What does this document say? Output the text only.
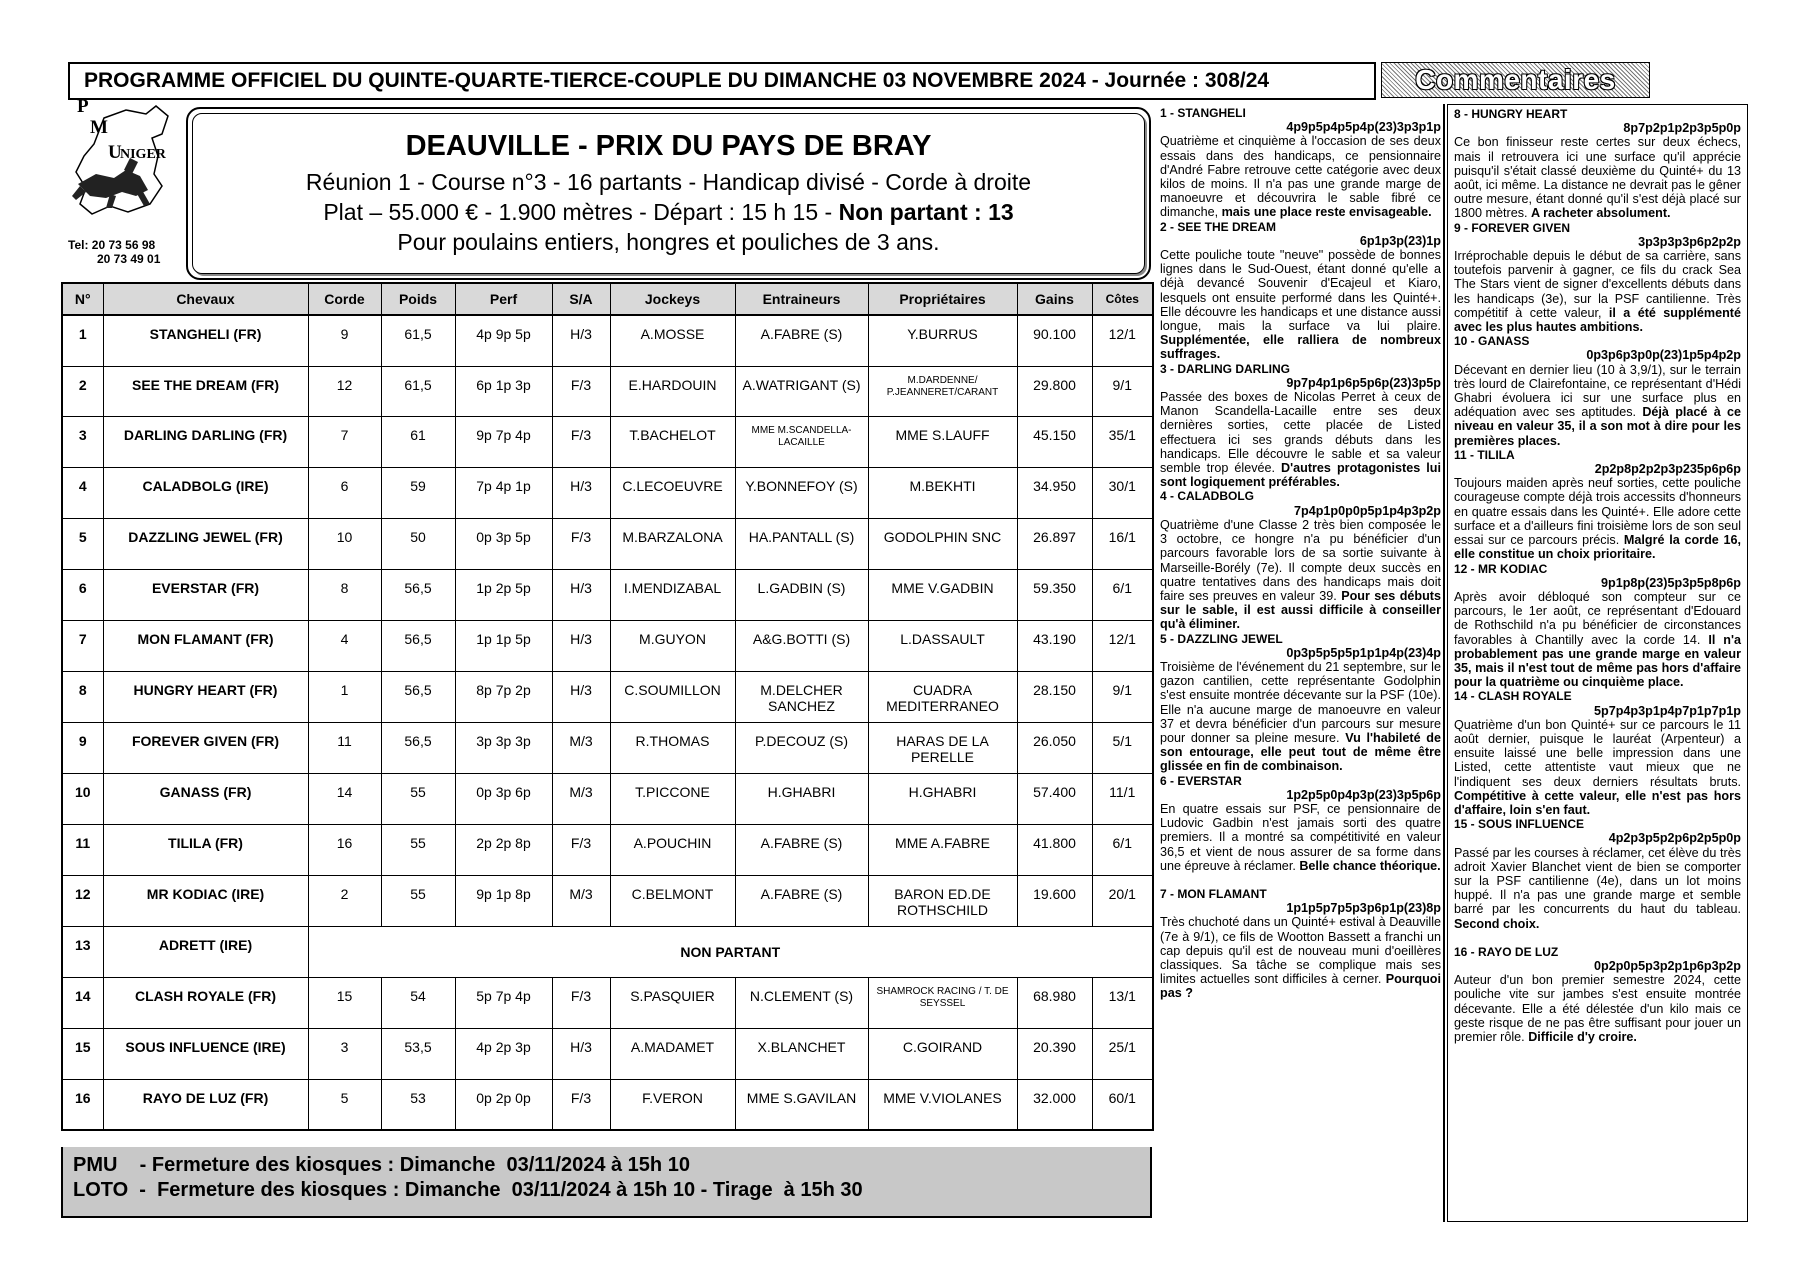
PROGRAMME OFFICIEL DU QUINTE-QUARTE-TIERCE-COUPLE DU DIMANCHE 03 NOVEMBRE 2024 - Journée : 308/24	Commentaires
P
M
U
NIGER
Tel: 20 73 56 98
20 73 49 01
DEAUVILLE - PRIX DU PAYS DE BRAY
Réunion 1 - Course n°3 - 16 partants - Handicap divisé - Corde à droite
Plat – 55.000 € - 1.900 mètres - Départ : 15 h 15 - Non partant : 13
Pour poulains entiers, hongres et pouliches de 3 ans.
N°	Chevaux	Corde	Poids	Perf	S/A	Jockeys	Entraineurs	Propriétaires	Gains	Côtes
1	STANGHELI (FR)	9	61,5	4p 9p 5p	H/3	A.MOSSE	A.FABRE (S)	Y.BURRUS	90.100	12/1
2	SEE THE DREAM (FR)	12	61,5	6p 1p 3p	F/3	E.HARDOUIN	A.WATRIGANT (S)	M.DARDENNE/ P.JEANNERET/CARANT	29.800	9/1
3	DARLING DARLING (FR)	7	61	9p 7p 4p	F/3	T.BACHELOT	MME M.SCANDELLA-LACAILLE	MME S.LAUFF	45.150	35/1
4	CALADBOLG (IRE)	6	59	7p 4p 1p	H/3	C.LECOEUVRE	Y.BONNEFOY (S)	M.BEKHTI	34.950	30/1
5	DAZZLING JEWEL (FR)	10	50	0p 3p 5p	F/3	M.BARZALONA	HA.PANTALL (S)	GODOLPHIN SNC	26.897	16/1
6	EVERSTAR (FR)	8	56,5	1p 2p 5p	H/3	I.MENDIZABAL	L.GADBIN (S)	MME V.GADBIN	59.350	6/1
7	MON FLAMANT (FR)	4	56,5	1p 1p 5p	H/3	M.GUYON	A&G.BOTTI (S)	L.DASSAULT	43.190	12/1
8	HUNGRY HEART (FR)	1	56,5	8p 7p 2p	H/3	C.SOUMILLON	M.DELCHER SANCHEZ	CUADRA MEDITERRANEO	28.150	9/1
9	FOREVER GIVEN (FR)	11	56,5	3p 3p 3p	M/3	R.THOMAS	P.DECOUZ (S)	HARAS DE LA PERELLE	26.050	5/1
10	GANASS (FR)	14	55	0p 3p 6p	M/3	T.PICCONE	H.GHABRI	H.GHABRI	57.400	11/1
11	TILILA (FR)	16	55	2p 2p 8p	F/3	A.POUCHIN	A.FABRE (S)	MME A.FABRE	41.800	6/1
12	MR KODIAC (IRE)	2	55	9p 1p 8p	M/3	C.BELMONT	A.FABRE (S)	BARON ED.DE ROTHSCHILD	19.600	20/1
13	ADRETT (IRE)	NON PARTANT								
14	CLASH ROYALE (FR)	15	54	5p 7p 4p	F/3	S.PASQUIER	N.CLEMENT (S)	SHAMROCK RACING / T. DE SEYSSEL	68.980	13/1
15	SOUS INFLUENCE (IRE)	3	53,5	4p 2p 3p	H/3	A.MADAMET	X.BLANCHET	C.GOIRAND	20.390	25/1
16	RAYO DE LUZ (FR)	5	53	0p 2p 0p	F/3	F.VERON	MME S.GAVILAN	MME V.VIOLANES	32.000	60/1
PMU    - Fermeture des kiosques : Dimanche  03/11/2024 à 15h 10
LOTO  -  Fermeture des kiosques : Dimanche  03/11/2024 à 15h 10 - Tirage  à 15h 30
1 - STANGHELI
4p9p5p4p5p4p(23)3p3p1p
Quatrième et cinquième à l'occasion de ses deux essais dans des handicaps, ce pensionnaire d'André Fabre retrouve cette catégorie avec deux kilos de moins. Il n'a pas une grande marge de manoeuvre et découvrira le sable fibré ce dimanche, mais une place reste envisageable.
2 - SEE THE DREAM
6p1p3p(23)1p
Cette pouliche toute "neuve" possède de bonnes lignes dans le Sud-Ouest, étant donné qu'elle a déjà devancé Souvenir d'Ecajeul et Kiaro, lesquels ont ensuite performé dans les Quinté+. Elle découvre les handicaps et une distance aussi longue, mais la surface va lui plaire. Supplémentée, elle ralliera de nombreux suffrages.
3 - DARLING DARLING
9p7p4p1p6p5p6p(23)3p5p
Passée des boxes de Nicolas Perret à ceux de Manon Scandella-Lacaille entre ses deux dernières sorties, cette placée de Listed effectuera ici ses grands débuts dans les handicaps. Elle découvre le sable et sa valeur semble trop élevée. D'autres protagonistes lui sont logiquement préférables.
4 - CALADBOLG
7p4p1p0p0p5p1p4p3p2p
Quatrième d'une Classe 2 très bien composée le 3 octobre, ce hongre n'a pu bénéficier d'un parcours favorable lors de sa sortie suivante à Marseille-Borély (7e). Il compte deux succès en quatre tentatives dans des handicaps mais doit faire ses preuves en valeur 39. Pour ses débuts sur le sable, il est aussi difficile à conseiller qu'à éliminer.
5 - DAZZLING JEWEL
0p3p5p5p5p1p1p4p(23)4p
Troisième de l'événement du 21 septembre, sur le gazon cantilien, cette représentante Godolphin s'est ensuite montrée décevante sur la PSF (10e). Elle n'a aucune marge de manoeuvre en valeur 37 et devra bénéficier d'un parcours sur mesure pour donner sa pleine mesure. Vu l'habileté de son entourage, elle peut tout de même être glissée en fin de combinaison.
6 - EVERSTAR
1p2p5p0p4p3p(23)3p5p6p
En quatre essais sur PSF, ce pensionnaire de Ludovic Gadbin n'est jamais sorti des quatre premiers. Il a montré sa compétitivité en valeur 36,5 et vient de nous assurer de sa forme dans une épreuve à réclamer. Belle chance théorique.
7 - MON FLAMANT
1p1p5p7p5p3p6p1p(23)8p
Très chuchoté dans un Quinté+ estival à Deauville (7e à 9/1), ce fils de Wootton Bassett a franchi un cap depuis qu'il est de nouveau muni d'oeillères classiques. Sa tâche se complique mais ses limites actuelles sont difficiles à cerner. Pourquoi pas ?
8 - HUNGRY HEART
8p7p2p1p2p3p5p0p
Ce bon finisseur reste certes sur deux échecs, mais il retrouvera ici une surface qu'il apprécie puisqu'il s'était classé deuxième du Quinté+ du 13 août, ici même. La distance ne devrait pas le gêner outre mesure, étant donné qu'il s'est déjà placé sur 1800 mètres. A racheter absolument.
9 - FOREVER GIVEN
3p3p3p3p6p2p2p
Irréprochable depuis le début de sa carrière, sans toutefois parvenir à gagner, ce fils du crack Sea The Stars vient de signer d'excellents débuts dans les handicaps (3e), sur la PSF cantilienne. Très compétitif à cette valeur, il a été supplémenté avec les plus hautes ambitions.
10 - GANASS
0p3p6p3p0p(23)1p5p4p2p
Décevant en dernier lieu (10 à 3,9/1), sur le terrain très lourd de Clairefontaine, ce représentant d'Hédi Ghabri évoluera ici sur une surface plus en adéquation avec ses aptitudes. Déjà placé à ce niveau en valeur 35, il a son mot à dire pour les premières places.
11 - TILILA
2p2p8p2p2p3p235p6p6p
Toujours maiden après neuf sorties, cette pouliche courageuse compte déjà trois accessits d'honneurs en quatre essais dans les Quinté+. Elle adore cette surface et a d'ailleurs fini troisième lors de son seul essai sur ce parcours précis. Malgré la corde 16, elle constitue un choix prioritaire.
12 - MR KODIAC
9p1p8p(23)5p3p5p8p6p
Après avoir débloqué son compteur sur ce parcours, le 1er août, ce représentant d'Edouard de Rothschild n'a pu bénéficier de circonstances favorables à Chantilly avec la corde 14. Il n'a probablement pas une grande marge en valeur 35, mais il n'est tout de même pas hors d'affaire pour la quatrième ou cinquième place.
14 - CLASH ROYALE
5p7p4p3p1p4p7p1p7p1p
Quatrième d'un bon Quinté+ sur ce parcours le 11 août dernier, puisque le lauréat (Arpenteur) a ensuite laissé une belle impression dans une Listed, cette attentiste vaut mieux que ne l'indiquent ses deux derniers résultats bruts. Compétitive à cette valeur, elle n'est pas hors d'affaire, loin s'en faut.
15 - SOUS INFLUENCE
4p2p3p5p2p6p2p5p0p
Passé par les courses à réclamer, cet élève du très adroit Xavier Blanchet vient de bien se comporter sur la PSF cantilienne (4e), dans un lot moins huppé. Il n'a pas une grande marge et semble barré par les concurrents du haut du tableau. Second choix.
16 - RAYO DE LUZ
0p2p0p5p3p2p1p6p3p2p
Auteur d'un bon premier semestre 2024, cette pouliche vite sur jambes s'est ensuite montrée décevante. Elle a été délestée d'un kilo mais ce geste risque de ne pas être suffisant pour jouer un premier rôle. Difficile d'y croire.
